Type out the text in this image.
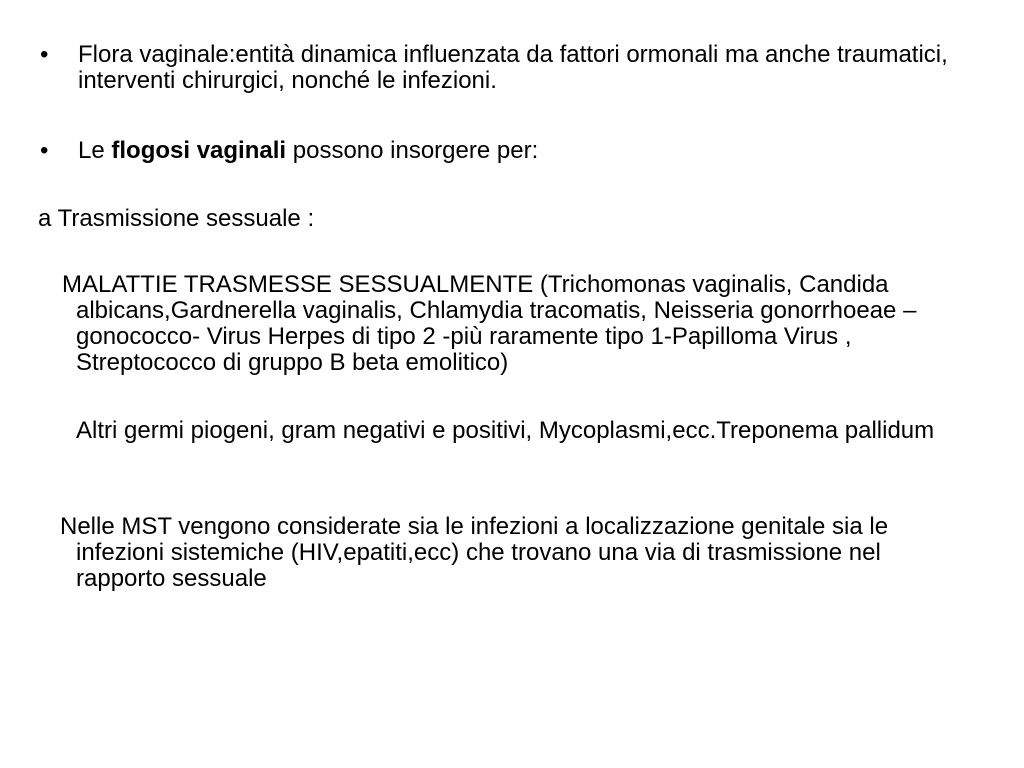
•	Flora vaginale:entità dinamica influenzata da fattori ormonali ma anche traumatici, interventi chirurgici, nonché le infezioni.
•	Le flogosi vaginali possono insorgere per:

a Trasmissione sessuale :

MALATTIE TRASMESSE SESSUALMENTE (Trichomonas vaginalis, Candida albicans,Gardnerella vaginalis, Chlamydia tracomatis, Neisseria gonorrhoeae –gonococco- Virus Herpes di tipo 2 -più raramente tipo 1-Papilloma Virus , Streptococco di gruppo B beta emolitico)

Altri germi piogeni, gram negativi e positivi, Mycoplasmi,ecc.Treponema pallidum

Nelle MST vengono considerate sia le infezioni a localizzazione genitale sia le infezioni sistemiche (HIV,epatiti,ecc) che trovano una via di trasmissione nel rapporto sessuale
